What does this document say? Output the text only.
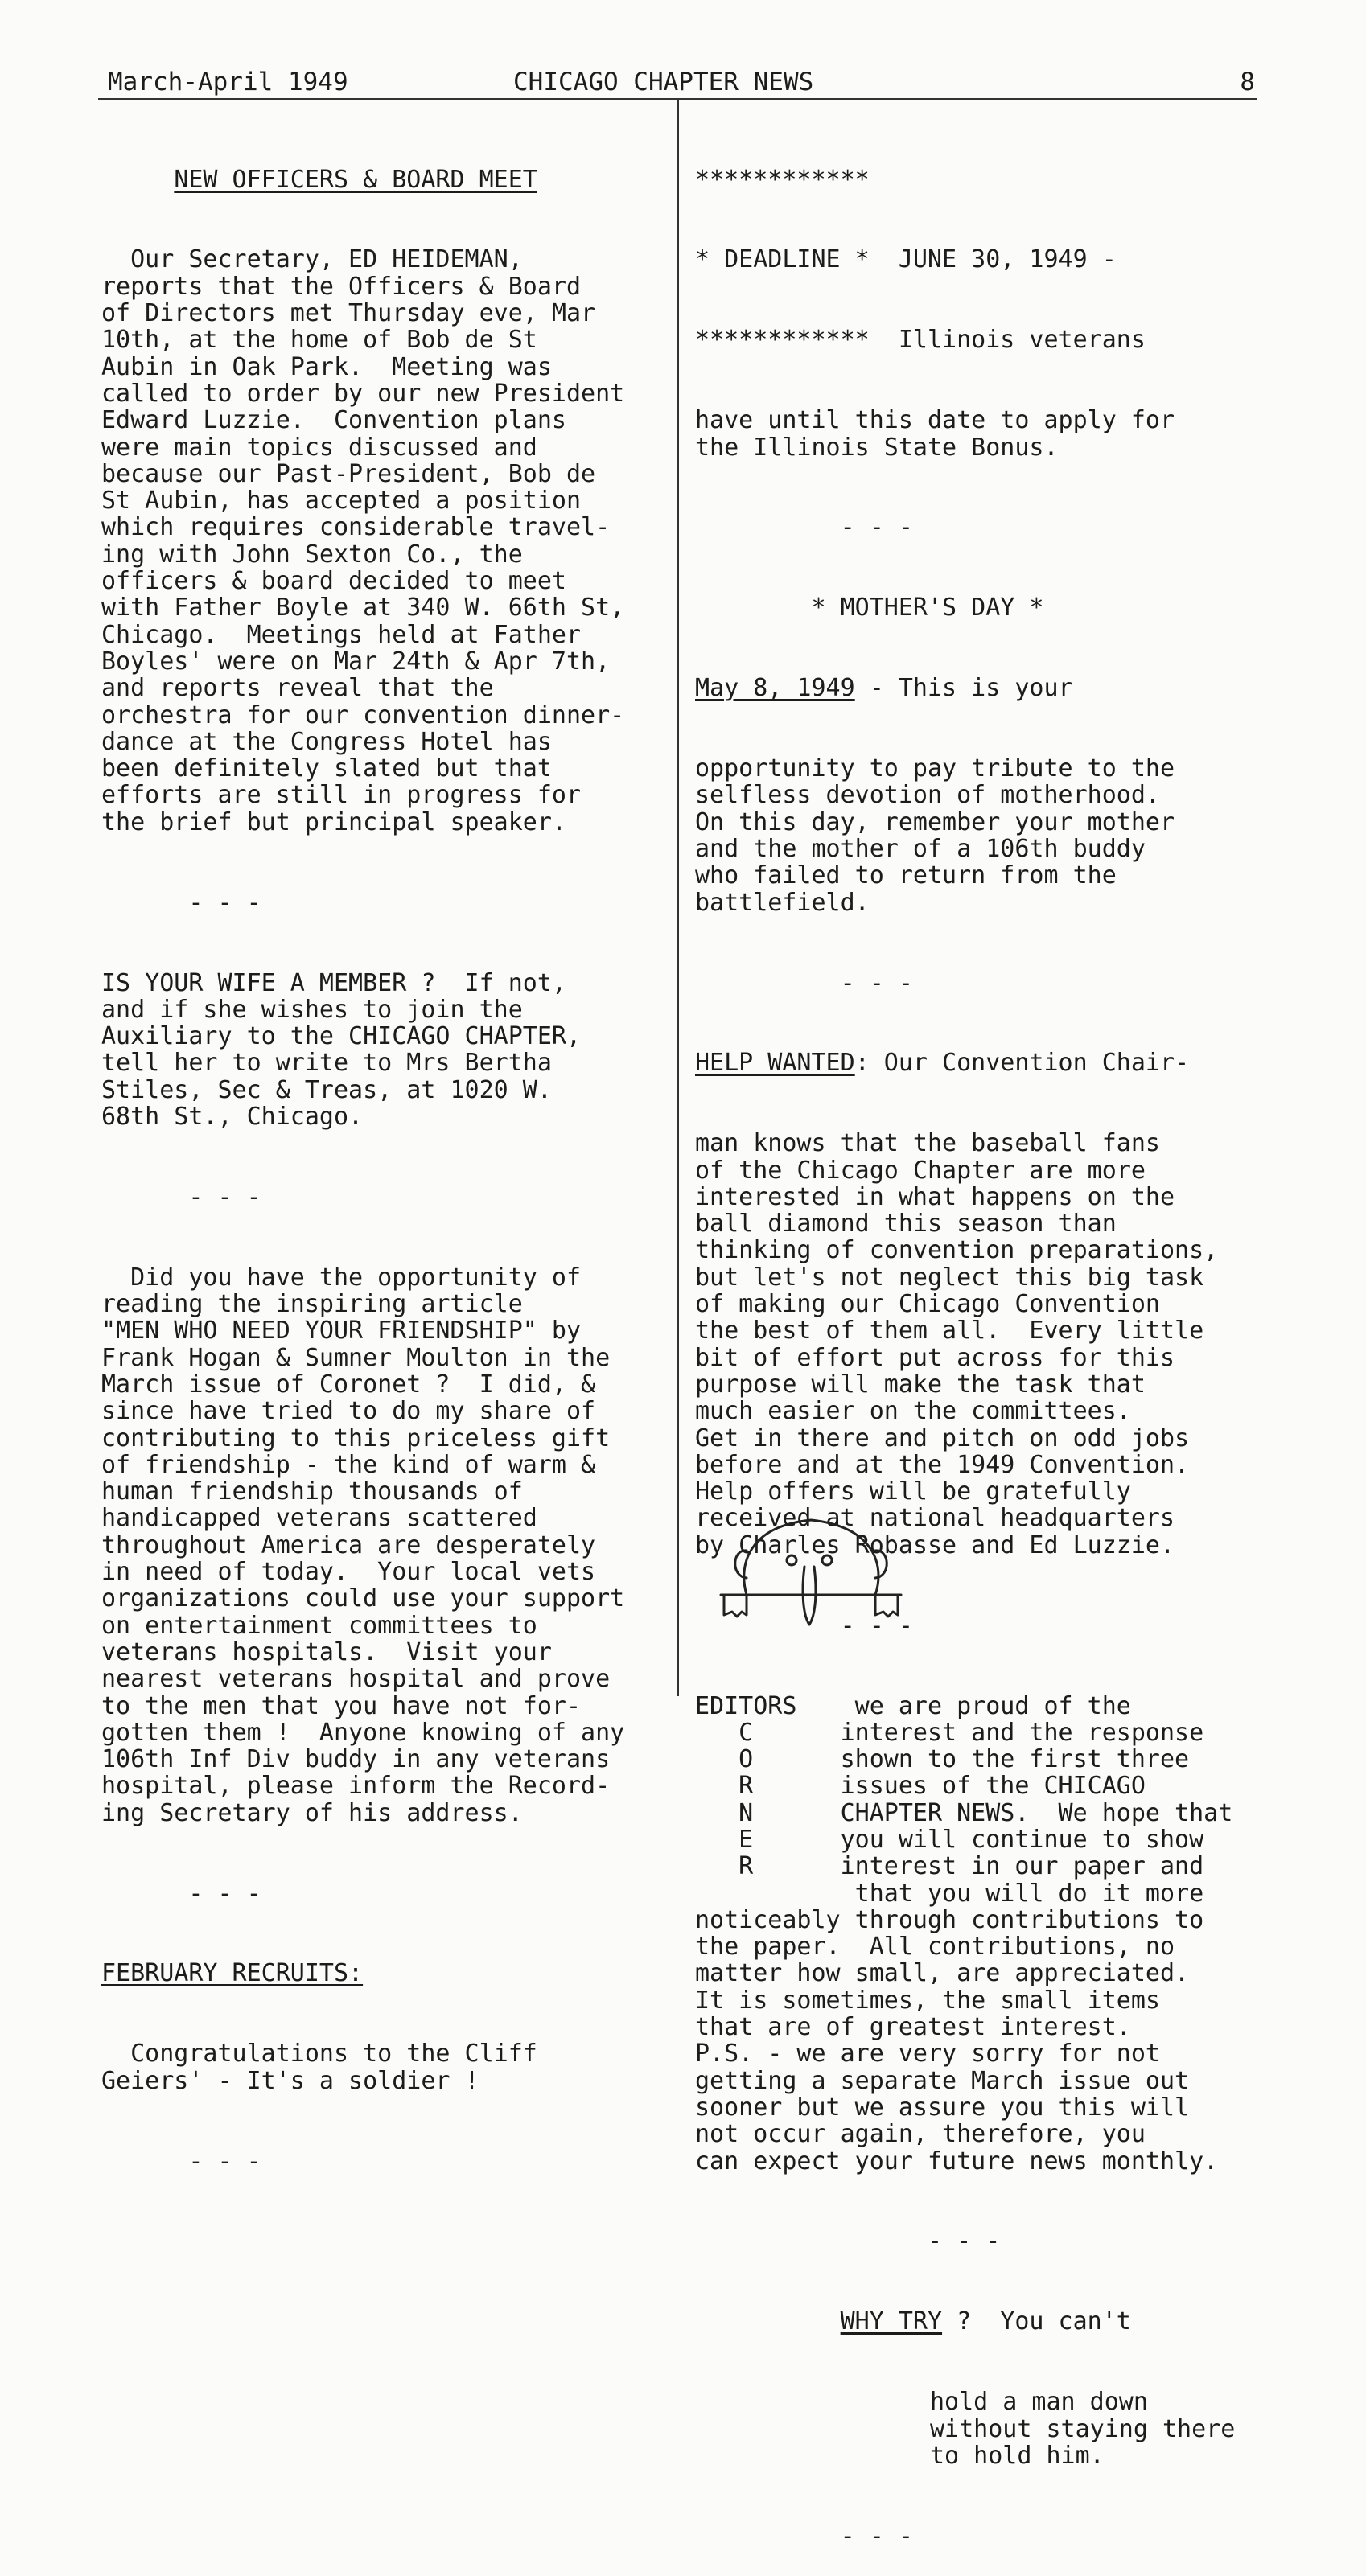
March-April 1949

	CHICAGO CHAPTER NEWS

	8

NEW OFFICERS & BOARD MEET

Our Secretary, ED HEIDEMAN,
reports that the Officers & Board
of Directors met Thursday eve, Mar
10th, at the home of Bob de St
Aubin in Oak Park.  Meeting was
called to order by our new President
Edward Luzzie.  Convention plans
were main topics discussed and
because our Past-President, Bob de
St Aubin, has accepted a position
which requires considerable travel-
ing with John Sexton Co., the
officers & board decided to meet
with Father Boyle at 340 W. 66th St,
Chicago.  Meetings held at Father
Boyles' were on Mar 24th & Apr 7th,
and reports reveal that the
orchestra for our convention dinner-
dance at the Congress Hotel has
been definitely slated but that
efforts are still in progress for
the brief but principal speaker.

- - -

IS YOUR WIFE A MEMBER ?  If not,
and if she wishes to join the
Auxiliary to the CHICAGO CHAPTER,
tell her to write to Mrs Bertha
Stiles, Sec & Treas, at 1020 W.
68th St., Chicago.

- - -

Did you have the opportunity of
reading the inspiring article
"MEN WHO NEED YOUR FRIENDSHIP" by
Frank Hogan & Sumner Moulton in the
March issue of Coronet ?  I did, &
since have tried to do my share of
contributing to this priceless gift
of friendship - the kind of warm &
human friendship thousands of
handicapped veterans scattered
throughout America are desperately
in need of today.  Your local vets
organizations could use your support
on entertainment committees to
veterans hospitals.  Visit your
nearest veterans hospital and prove
to the men that you have not for-
gotten them !  Anyone knowing of any
106th Inf Div buddy in any veterans
hospital, please inform the Record-
ing Secretary of his address.

- - -

FEBRUARY RECRUITS:

Congratulations to the Cliff
Geiers' - It's a soldier !

- - -

************

* DEADLINE *  JUNE 30, 1949 -

************  Illinois veterans

have until this date to apply for
the Illinois State Bonus.

- - -

* MOTHER'S DAY *

May 8, 1949 - This is your

opportunity to pay tribute to the
selfless devotion of motherhood.
On this day, remember your mother
and the mother of a 106th buddy
who failed to return from the
battlefield.

- - -

HELP WANTED: Our Convention Chair-

man knows that the baseball fans
of the Chicago Chapter are more
interested in what happens on the
ball diamond this season than
thinking of convention preparations,
but let's not neglect this big task
of making our Chicago Convention
the best of them all.  Every little
bit of effort put across for this
purpose will make the task that
much easier on the committees.
Get in there and pitch on odd jobs
before and at the 1949 Convention.
Help offers will be gratefully
received at national headquarters
by Charles Robasse and Ed Luzzie.

- - -

EDITORS    we are proud of the
C      interest and the response
O      shown to the first three
R      issues of the CHICAGO
N      CHAPTER NEWS.  We hope that
E      you will continue to show
R      interest in our paper and
that you will do it more
noticeably through contributions to
the paper.  All contributions, no
matter how small, are appreciated.
It is sometimes, the small items
that are of greatest interest.
P.S. - we are very sorry for not
getting a separate March issue out
sooner but we assure you this will
not occur again, therefore, you
can expect your future news monthly.

- - -

WHY TRY ?  You can't

hold a man down
without staying there
to hold him.

- - -
